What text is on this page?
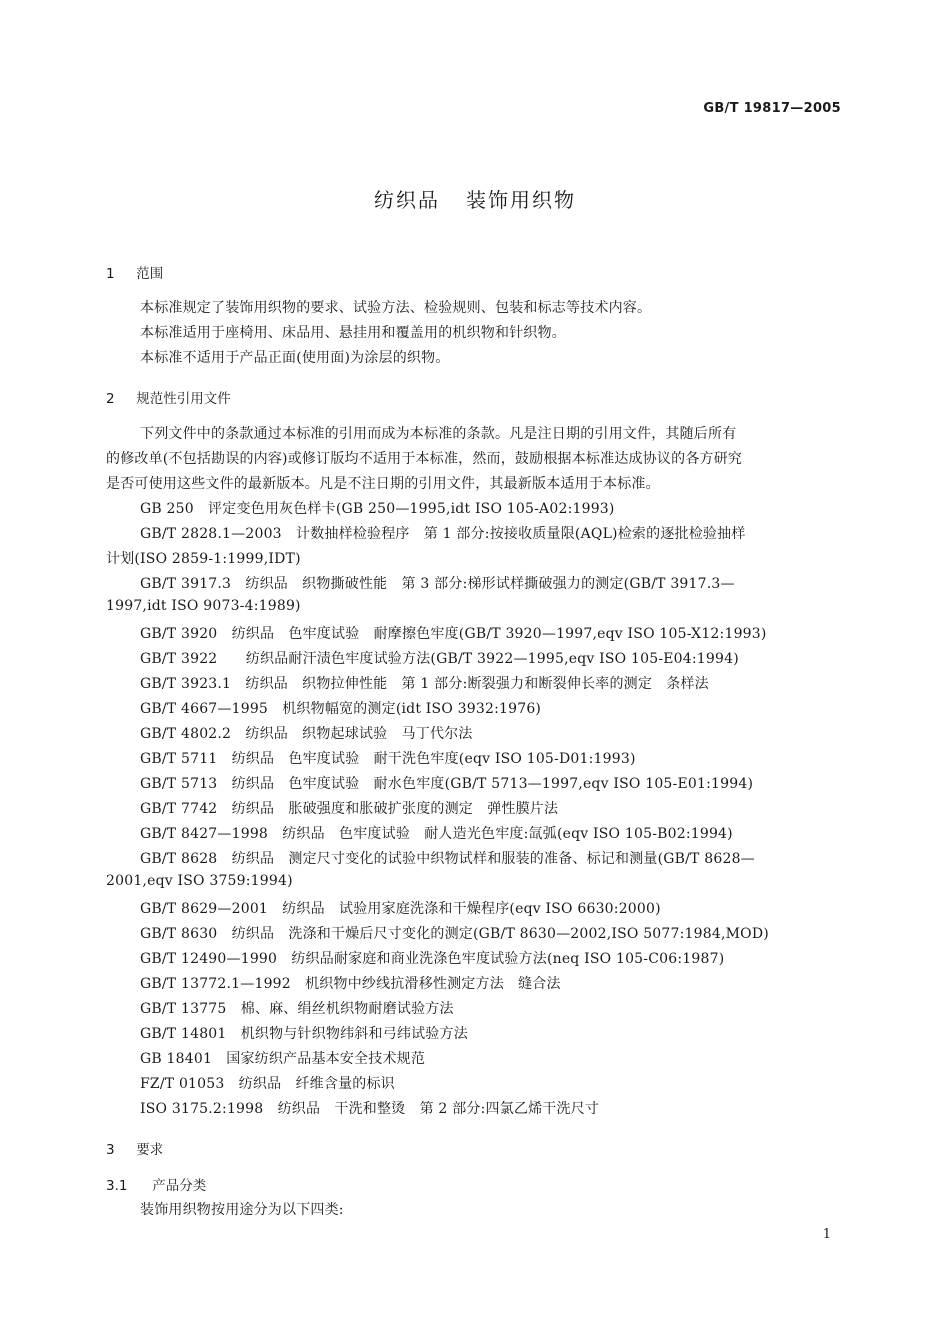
GB/T 19817—2005
纺织品 装饰用织物
1 范围
本标准规定了装饰用织物的要求、试验方法、检验规则、包装和标志等技术内容。
本标准适用于座椅用、床品用、悬挂用和覆盖用的机织物和针织物。
本标准不适用于产品正面(使用面)为涂层的织物。
2 规范性引用文件
下列文件中的条款通过本标准的引用而成为本标准的条款。凡是注日期的引用文件，其随后所有
的修改单(不包括勘误的内容)或修订版均不适用于本标准，然而，鼓励根据本标准达成协议的各方研究
是否可使用这些文件的最新版本。凡是不注日期的引用文件，其最新版本适用于本标准。
GB 250　评定变色用灰色样卡(GB 250—1995,idt ISO 105-A02:1993)
GB/T 2828.1—2003　计数抽样检验程序　第 1 部分:按接收质量限(AQL)检索的逐批检验抽样
计划(ISO 2859-1:1999,IDT)
GB/T 3917.3　纺织品　织物撕破性能　第 3 部分:梯形试样撕破强力的测定(GB/T 3917.3—
1997,idt ISO 9073-4:1989)
GB/T 3920　纺织品　色牢度试验　耐摩擦色牢度(GB/T 3920—1997,eqv ISO 105-X12:1993)
GB/T 3922　　纺织品耐汗渍色牢度试验方法(GB/T 3922—1995,eqv ISO 105-E04:1994)
GB/T 3923.1　纺织品　织物拉伸性能　第 1 部分:断裂强力和断裂伸长率的测定　条样法
GB/T 4667—1995　机织物幅宽的测定(idt ISO 3932:1976)
GB/T 4802.2　纺织品　织物起球试验　马丁代尔法
GB/T 5711　纺织品　色牢度试验　耐干洗色牢度(eqv ISO 105-D01:1993)
GB/T 5713　纺织品　色牢度试验　耐水色牢度(GB/T 5713—1997,eqv ISO 105-E01:1994)
GB/T 7742　纺织品　胀破强度和胀破扩张度的测定　弹性膜片法
GB/T 8427—1998　纺织品　色牢度试验　耐人造光色牢度:氙弧(eqv ISO 105-B02:1994)
GB/T 8628　纺织品　测定尺寸变化的试验中织物试样和服装的准备、标记和测量(GB/T 8628—
2001,eqv ISO 3759:1994)
GB/T 8629—2001　纺织品　试验用家庭洗涤和干燥程序(eqv ISO 6630:2000)
GB/T 8630　纺织品　洗涤和干燥后尺寸变化的测定(GB/T 8630—2002,ISO 5077:1984,MOD)
GB/T 12490—1990　纺织品耐家庭和商业洗涤色牢度试验方法(neq ISO 105-C06:1987)
GB/T 13772.1—1992　机织物中纱线抗滑移性测定方法　缝合法
GB/T 13775　棉、麻、绢丝机织物耐磨试验方法
GB/T 14801　机织物与针织物纬斜和弓纬试验方法
GB 18401　国家纺织产品基本安全技术规范
FZ/T 01053　纺织品　纤维含量的标识
ISO 3175.2:1998　纺织品　干洗和整烫　第 2 部分:四氯乙烯干洗尺寸
3 要求
3.1 产品分类
装饰用织物按用途分为以下四类:
1
